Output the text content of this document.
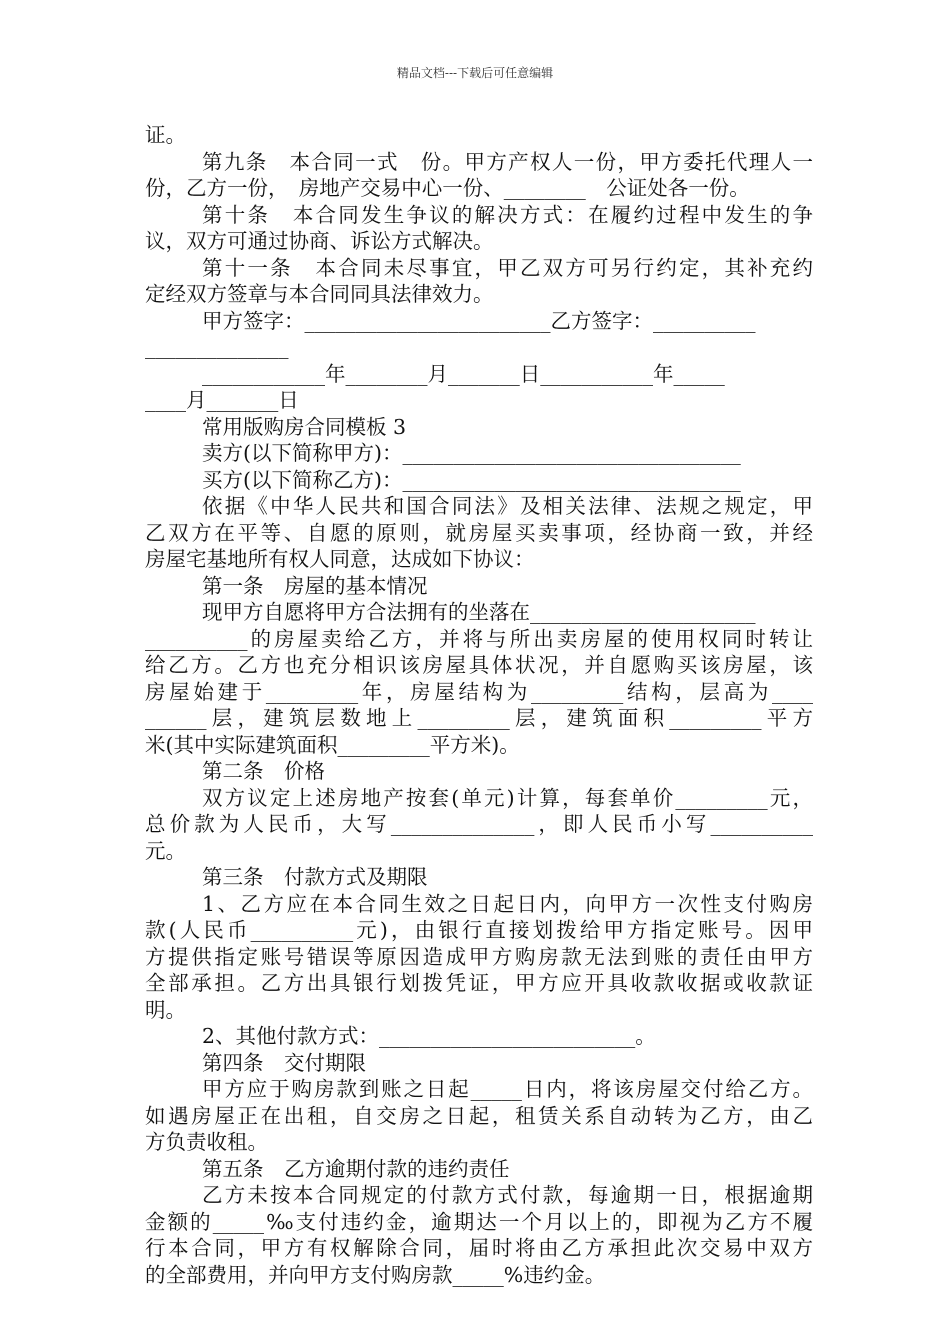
精品文档---下载后可任意编辑
证。
第九条　本合同一式　份。甲方产权人一份，甲方委托代理人一
份，乙方一份，　房地产交易中心一份、________　公证处各一份。
第十条　本合同发生争议的解决方式：在履约过程中发生的争
议，双方可通过协商、诉讼方式解决。
第十一条　本合同未尽事宜，甲乙双方可另行约定，其补充约
定经双方签章与本合同同具法律效力。
甲方签字：________________________乙方签字：__________
______________
____________年________月_______日___________年_____
____月_______日
常用版购房合同模板 3
卖方(以下简称甲方)：_________________________________
买方(以下简称乙方)：_________________________________
依据《中华人民共和国合同法》及相关法律、法规之规定，甲
乙双方在平等、自愿的原则，就房屋买卖事项，经协商一致，并经
房屋宅基地所有权人同意，达成如下协议：
第一条　房屋的基本情况
现甲方自愿将甲方合法拥有的坐落在______________________
__________的房屋卖给乙方，并将与所出卖房屋的使用权同时转让
给乙方。乙方也充分相识该房屋具体状况，并自愿购买该房屋，该
房屋始建于_________年，房屋结构为_________结构，层高为____
______层，建筑层数地上_________层，建筑面积_________平方
米(其中实际建筑面积_________平方米)。
第二条　价格
双方议定上述房地产按套(单元)计算，每套单价_________元，
总价款为人民币，大写______________，即人民币小写__________
元。
第三条　付款方式及期限
1、乙方应在本合同生效之日起日内，向甲方一次性支付购房
款(人民币__________元)，由银行直接划拨给甲方指定账号。因甲
方提供指定账号错误等原因造成甲方购房款无法到账的责任由甲方
全部承担。乙方出具银行划拨凭证，甲方应开具收款收据或收款证
明。
2、其他付款方式：_________________________。
第四条　交付期限
甲方应于购房款到账之日起_____日内，将该房屋交付给乙方。
如遇房屋正在出租，自交房之日起，租赁关系自动转为乙方，由乙
方负责收租。
第五条　乙方逾期付款的违约责任
乙方未按本合同规定的付款方式付款，每逾期一日，根据逾期
金额的_____‰支付违约金，逾期达一个月以上的，即视为乙方不履
行本合同，甲方有权解除合同，届时将由乙方承担此次交易中双方
的全部费用，并向甲方支付购房款_____%违约金。
